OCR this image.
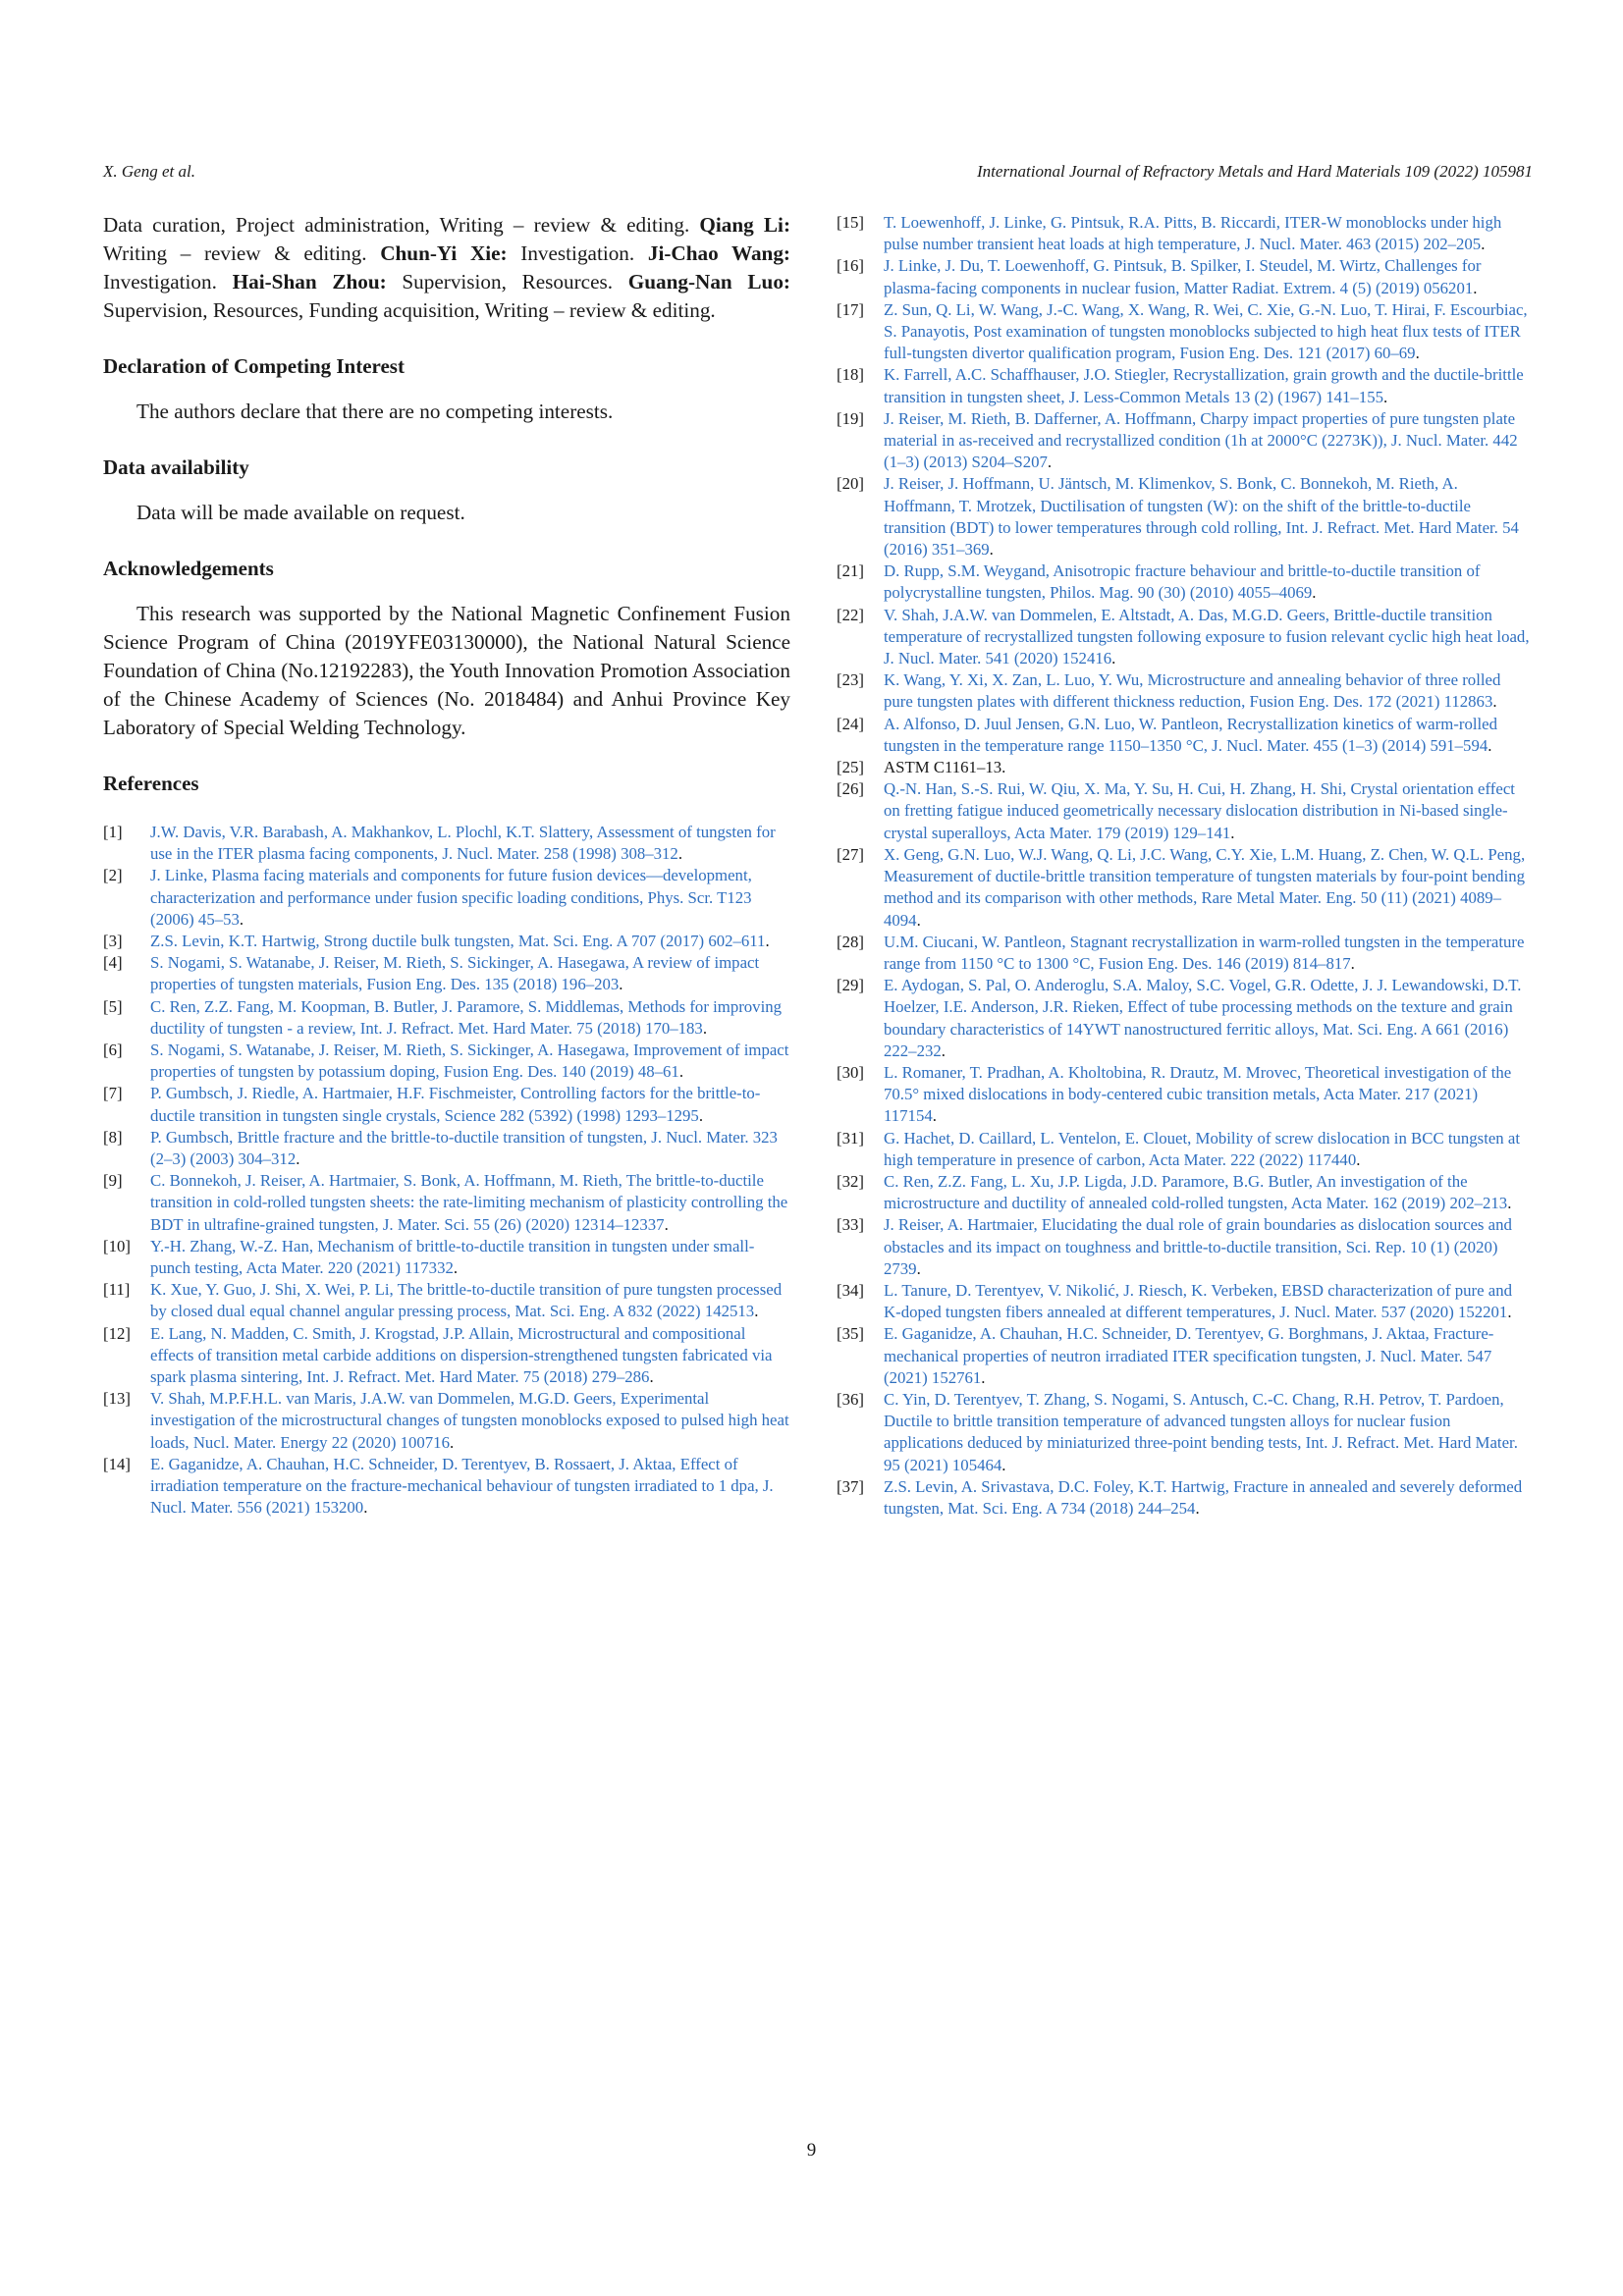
X. Geng et al.	International Journal of Refractory Metals and Hard Materials 109 (2022) 105981

Data curation, Project administration, Writing – review & editing. Qiang Li: Writing – review & editing. Chun-Yi Xie: Investigation. Ji-Chao Wang: Investigation. Hai-Shan Zhou: Supervision, Resources. Guang-Nan Luo: Supervision, Resources, Funding acquisition, Writing – review & editing.

Declaration of Competing Interest

The authors declare that there are no competing interests.

Data availability

Data will be made available on request.

Acknowledgements

This research was supported by the National Magnetic Confinement Fusion Science Program of China (2019YFE03130000), the National Natural Science Foundation of China (No.12192283), the Youth Innovation Promotion Association of the Chinese Academy of Sciences (No. 2018484) and Anhui Province Key Laboratory of Special Welding Technology.

References
[1] J.W. Davis, V.R. Barabash, A. Makhankov, L. Plochl, K.T. Slattery, Assessment of tungsten for use in the ITER plasma facing components, J. Nucl. Mater. 258 (1998) 308–312.
[2] J. Linke, Plasma facing materials and components for future fusion devices—development, characterization and performance under fusion specific loading conditions, Phys. Scr. T123 (2006) 45–53.
[3] Z.S. Levin, K.T. Hartwig, Strong ductile bulk tungsten, Mat. Sci. Eng. A 707 (2017) 602–611.
[4] S. Nogami, S. Watanabe, J. Reiser, M. Rieth, S. Sickinger, A. Hasegawa, A review of impact properties of tungsten materials, Fusion Eng. Des. 135 (2018) 196–203.
[5] C. Ren, Z.Z. Fang, M. Koopman, B. Butler, J. Paramore, S. Middlemas, Methods for improving ductility of tungsten - a review, Int. J. Refract. Met. Hard Mater. 75 (2018) 170–183.
[6] S. Nogami, S. Watanabe, J. Reiser, M. Rieth, S. Sickinger, A. Hasegawa, Improvement of impact properties of tungsten by potassium doping, Fusion Eng. Des. 140 (2019) 48–61.
[7] P. Gumbsch, J. Riedle, A. Hartmaier, H.F. Fischmeister, Controlling factors for the brittle-to-ductile transition in tungsten single crystals, Science 282 (5392) (1998) 1293–1295.
[8] P. Gumbsch, Brittle fracture and the brittle-to-ductile transition of tungsten, J. Nucl. Mater. 323 (2–3) (2003) 304–312.
[9] C. Bonnekoh, J. Reiser, A. Hartmaier, S. Bonk, A. Hoffmann, M. Rieth, The brittle-to-ductile transition in cold-rolled tungsten sheets: the rate-limiting mechanism of plasticity controlling the BDT in ultrafine-grained tungsten, J. Mater. Sci. 55 (26) (2020) 12314–12337.
[10] Y.-H. Zhang, W.-Z. Han, Mechanism of brittle-to-ductile transition in tungsten under small-punch testing, Acta Mater. 220 (2021) 117332.
[11] K. Xue, Y. Guo, J. Shi, X. Wei, P. Li, The brittle-to-ductile transition of pure tungsten processed by closed dual equal channel angular pressing process, Mat. Sci. Eng. A 832 (2022) 142513.
[12] E. Lang, N. Madden, C. Smith, J. Krogstad, J.P. Allain, Microstructural and compositional effects of transition metal carbide additions on dispersion-strengthened tungsten fabricated via spark plasma sintering, Int. J. Refract. Met. Hard Mater. 75 (2018) 279–286.
[13] V. Shah, M.P.F.H.L. van Maris, J.A.W. van Dommelen, M.G.D. Geers, Experimental investigation of the microstructural changes of tungsten monoblocks exposed to pulsed high heat loads, Nucl. Mater. Energy 22 (2020) 100716.
[14] E. Gaganidze, A. Chauhan, H.C. Schneider, D. Terentyev, B. Rossaert, J. Aktaa, Effect of irradiation temperature on the fracture-mechanical behaviour of tungsten irradiated to 1 dpa, J. Nucl. Mater. 556 (2021) 153200.
[15] T. Loewenhoff, J. Linke, G. Pintsuk, R.A. Pitts, B. Riccardi, ITER-W monoblocks under high pulse number transient heat loads at high temperature, J. Nucl. Mater. 463 (2015) 202–205.
[16] J. Linke, J. Du, T. Loewenhoff, G. Pintsuk, B. Spilker, I. Steudel, M. Wirtz, Challenges for plasma-facing components in nuclear fusion, Matter Radiat. Extrem. 4 (5) (2019) 056201.
[17] Z. Sun, Q. Li, W. Wang, J.-C. Wang, X. Wang, R. Wei, C. Xie, G.-N. Luo, T. Hirai, F. Escourbiac, S. Panayotis, Post examination of tungsten monoblocks subjected to high heat flux tests of ITER full-tungsten divertor qualification program, Fusion Eng. Des. 121 (2017) 60–69.
[18] K. Farrell, A.C. Schaffhauser, J.O. Stiegler, Recrystallization, grain growth and the ductile-brittle transition in tungsten sheet, J. Less-Common Metals 13 (2) (1967) 141–155.
[19] J. Reiser, M. Rieth, B. Dafferner, A. Hoffmann, Charpy impact properties of pure tungsten plate material in as-received and recrystallized condition (1h at 2000°C (2273K)), J. Nucl. Mater. 442 (1–3) (2013) S204–S207.
[20] J. Reiser, J. Hoffmann, U. Jäntsch, M. Klimenkov, S. Bonk, C. Bonnekoh, M. Rieth, A. Hoffmann, T. Mrotzek, Ductilisation of tungsten (W): on the shift of the brittle-to-ductile transition (BDT) to lower temperatures through cold rolling, Int. J. Refract. Met. Hard Mater. 54 (2016) 351–369.
[21] D. Rupp, S.M. Weygand, Anisotropic fracture behaviour and brittle-to-ductile transition of polycrystalline tungsten, Philos. Mag. 90 (30) (2010) 4055–4069.
[22] V. Shah, J.A.W. van Dommelen, E. Altstadt, A. Das, M.G.D. Geers, Brittle-ductile transition temperature of recrystallized tungsten following exposure to fusion relevant cyclic high heat load, J. Nucl. Mater. 541 (2020) 152416.
[23] K. Wang, Y. Xi, X. Zan, L. Luo, Y. Wu, Microstructure and annealing behavior of three rolled pure tungsten plates with different thickness reduction, Fusion Eng. Des. 172 (2021) 112863.
[24] A. Alfonso, D. Juul Jensen, G.N. Luo, W. Pantleon, Recrystallization kinetics of warm-rolled tungsten in the temperature range 1150–1350 °C, J. Nucl. Mater. 455 (1–3) (2014) 591–594.
[25] ASTM C1161–13.
[26] Q.-N. Han, S.-S. Rui, W. Qiu, X. Ma, Y. Su, H. Cui, H. Zhang, H. Shi, Crystal orientation effect on fretting fatigue induced geometrically necessary dislocation distribution in Ni-based single-crystal superalloys, Acta Mater. 179 (2019) 129–141.
[27] X. Geng, G.N. Luo, W.J. Wang, Q. Li, J.C. Wang, C.Y. Xie, L.M. Huang, Z. Chen, W. Q.L. Peng, Measurement of ductile-brittle transition temperature of tungsten materials by four-point bending method and its comparison with other methods, Rare Metal Mater. Eng. 50 (11) (2021) 4089–4094.
[28] U.M. Ciucani, W. Pantleon, Stagnant recrystallization in warm-rolled tungsten in the temperature range from 1150 °C to 1300 °C, Fusion Eng. Des. 146 (2019) 814–817.
[29] E. Aydogan, S. Pal, O. Anderoglu, S.A. Maloy, S.C. Vogel, G.R. Odette, J. J. Lewandowski, D.T. Hoelzer, I.E. Anderson, J.R. Rieken, Effect of tube processing methods on the texture and grain boundary characteristics of 14YWT nanostructured ferritic alloys, Mat. Sci. Eng. A 661 (2016) 222–232.
[30] L. Romaner, T. Pradhan, A. Kholtobina, R. Drautz, M. Mrovec, Theoretical investigation of the 70.5° mixed dislocations in body-centered cubic transition metals, Acta Mater. 217 (2021) 117154.
[31] G. Hachet, D. Caillard, L. Ventelon, E. Clouet, Mobility of screw dislocation in BCC tungsten at high temperature in presence of carbon, Acta Mater. 222 (2022) 117440.
[32] C. Ren, Z.Z. Fang, L. Xu, J.P. Ligda, J.D. Paramore, B.G. Butler, An investigation of the microstructure and ductility of annealed cold-rolled tungsten, Acta Mater. 162 (2019) 202–213.
[33] J. Reiser, A. Hartmaier, Elucidating the dual role of grain boundaries as dislocation sources and obstacles and its impact on toughness and brittle-to-ductile transition, Sci. Rep. 10 (1) (2020) 2739.
[34] L. Tanure, D. Terentyev, V. Nikolić, J. Riesch, K. Verbeken, EBSD characterization of pure and K-doped tungsten fibers annealed at different temperatures, J. Nucl. Mater. 537 (2020) 152201.
[35] E. Gaganidze, A. Chauhan, H.C. Schneider, D. Terentyev, G. Borghmans, J. Aktaa, Fracture-mechanical properties of neutron irradiated ITER specification tungsten, J. Nucl. Mater. 547 (2021) 152761.
[36] C. Yin, D. Terentyev, T. Zhang, S. Nogami, S. Antusch, C.-C. Chang, R.H. Petrov, T. Pardoen, Ductile to brittle transition temperature of advanced tungsten alloys for nuclear fusion applications deduced by miniaturized three-point bending tests, Int. J. Refract. Met. Hard Mater. 95 (2021) 105464.
[37] Z.S. Levin, A. Srivastava, D.C. Foley, K.T. Hartwig, Fracture in annealed and severely deformed tungsten, Mat. Sci. Eng. A 734 (2018) 244–254.
9
